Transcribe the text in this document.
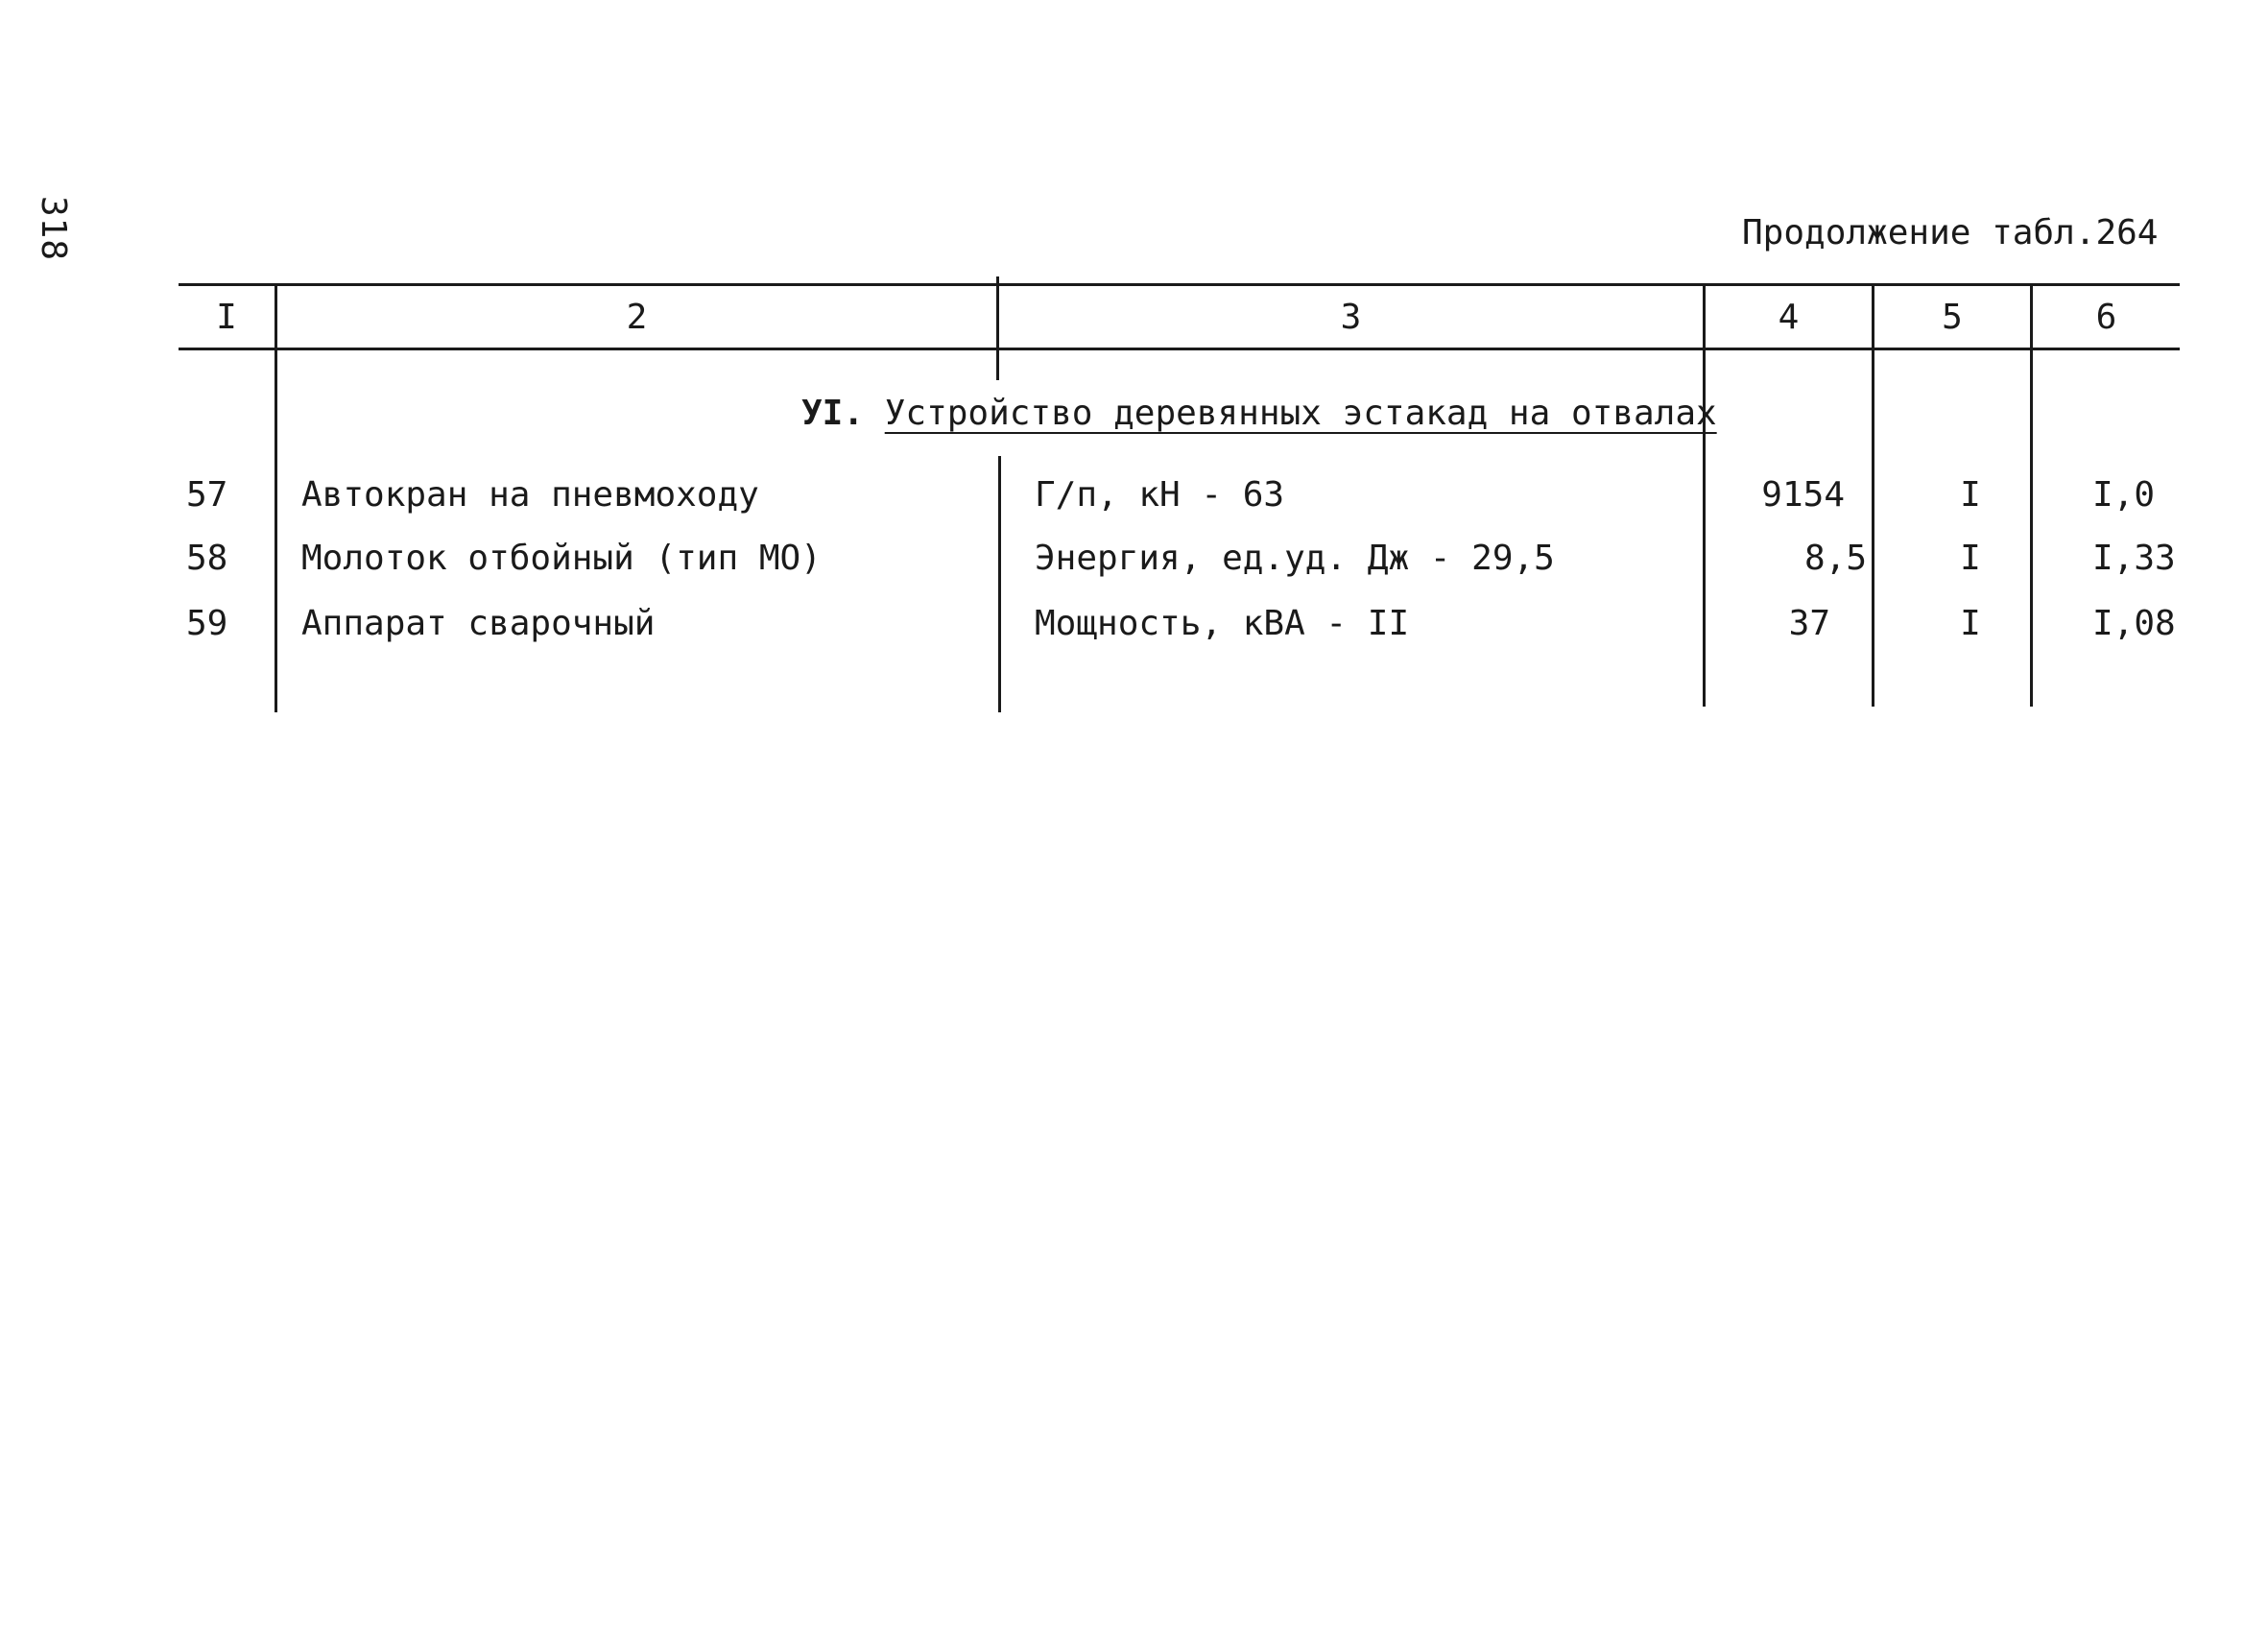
318	Продолжение табл.264
I	2	3	4	5	6
УI. Устройство деревянных эстакад на отвалах
57 Автокран на пневмоходу	Г/п, кН - 63	9154	I	I,0
58 Молоток отбойный (тип МО)	Энергия, ед.уд. Дж - 29,5	8,5	I	I,33
59 Аппарат сварочный	Мощность, кВА - II	37	I	I,08
